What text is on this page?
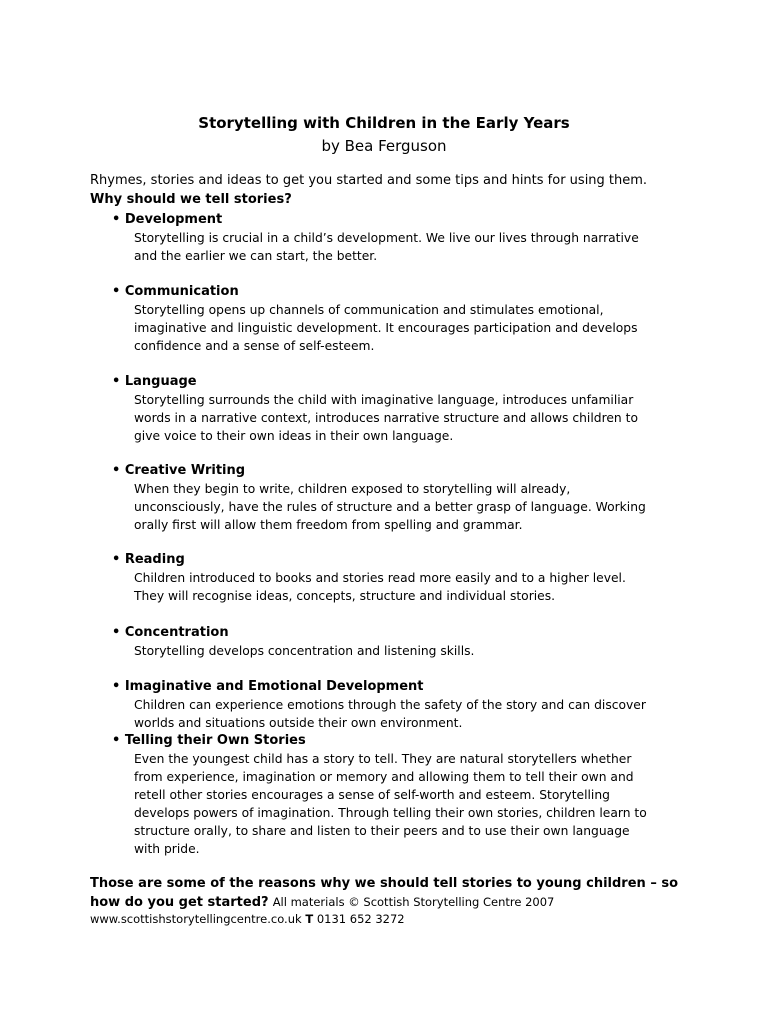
Storytelling with Children in the Early Years
by Bea Ferguson
Rhymes, stories and ideas to get you started and some tips and hints for using them.
Why should we tell stories?
• Development
Storytelling is crucial in a child’s development. We live our lives through narrative
and the earlier we can start, the better.
• Communication
Storytelling opens up channels of communication and stimulates emotional,
imaginative and linguistic development. It encourages participation and develops
confidence and a sense of self-esteem.
• Language
Storytelling surrounds the child with imaginative language, introduces unfamiliar
words in a narrative context, introduces narrative structure and allows children to
give voice to their own ideas in their own language.
• Creative Writing
When they begin to write, children exposed to storytelling will already,
unconsciously, have the rules of structure and a better grasp of language. Working
orally first will allow them freedom from spelling and grammar.
• Reading
Children introduced to books and stories read more easily and to a higher level.
They will recognise ideas, concepts, structure and individual stories.
• Concentration
Storytelling develops concentration and listening skills.
• Imaginative and Emotional Development
Children can experience emotions through the safety of the story and can discover
worlds and situations outside their own environment.
• Telling their Own Stories
Even the youngest child has a story to tell. They are natural storytellers whether
from experience, imagination or memory and allowing them to tell their own and
retell other stories encourages a sense of self-worth and esteem. Storytelling
develops powers of imagination. Through telling their own stories, children learn to
structure orally, to share and listen to their peers and to use their own language
with pride.
Those are some of the reasons why we should tell stories to young children – so
how do you get started? All materials © Scottish Storytelling Centre 2007
www.scottishstorytellingcentre.co.uk T 0131 652 3272
